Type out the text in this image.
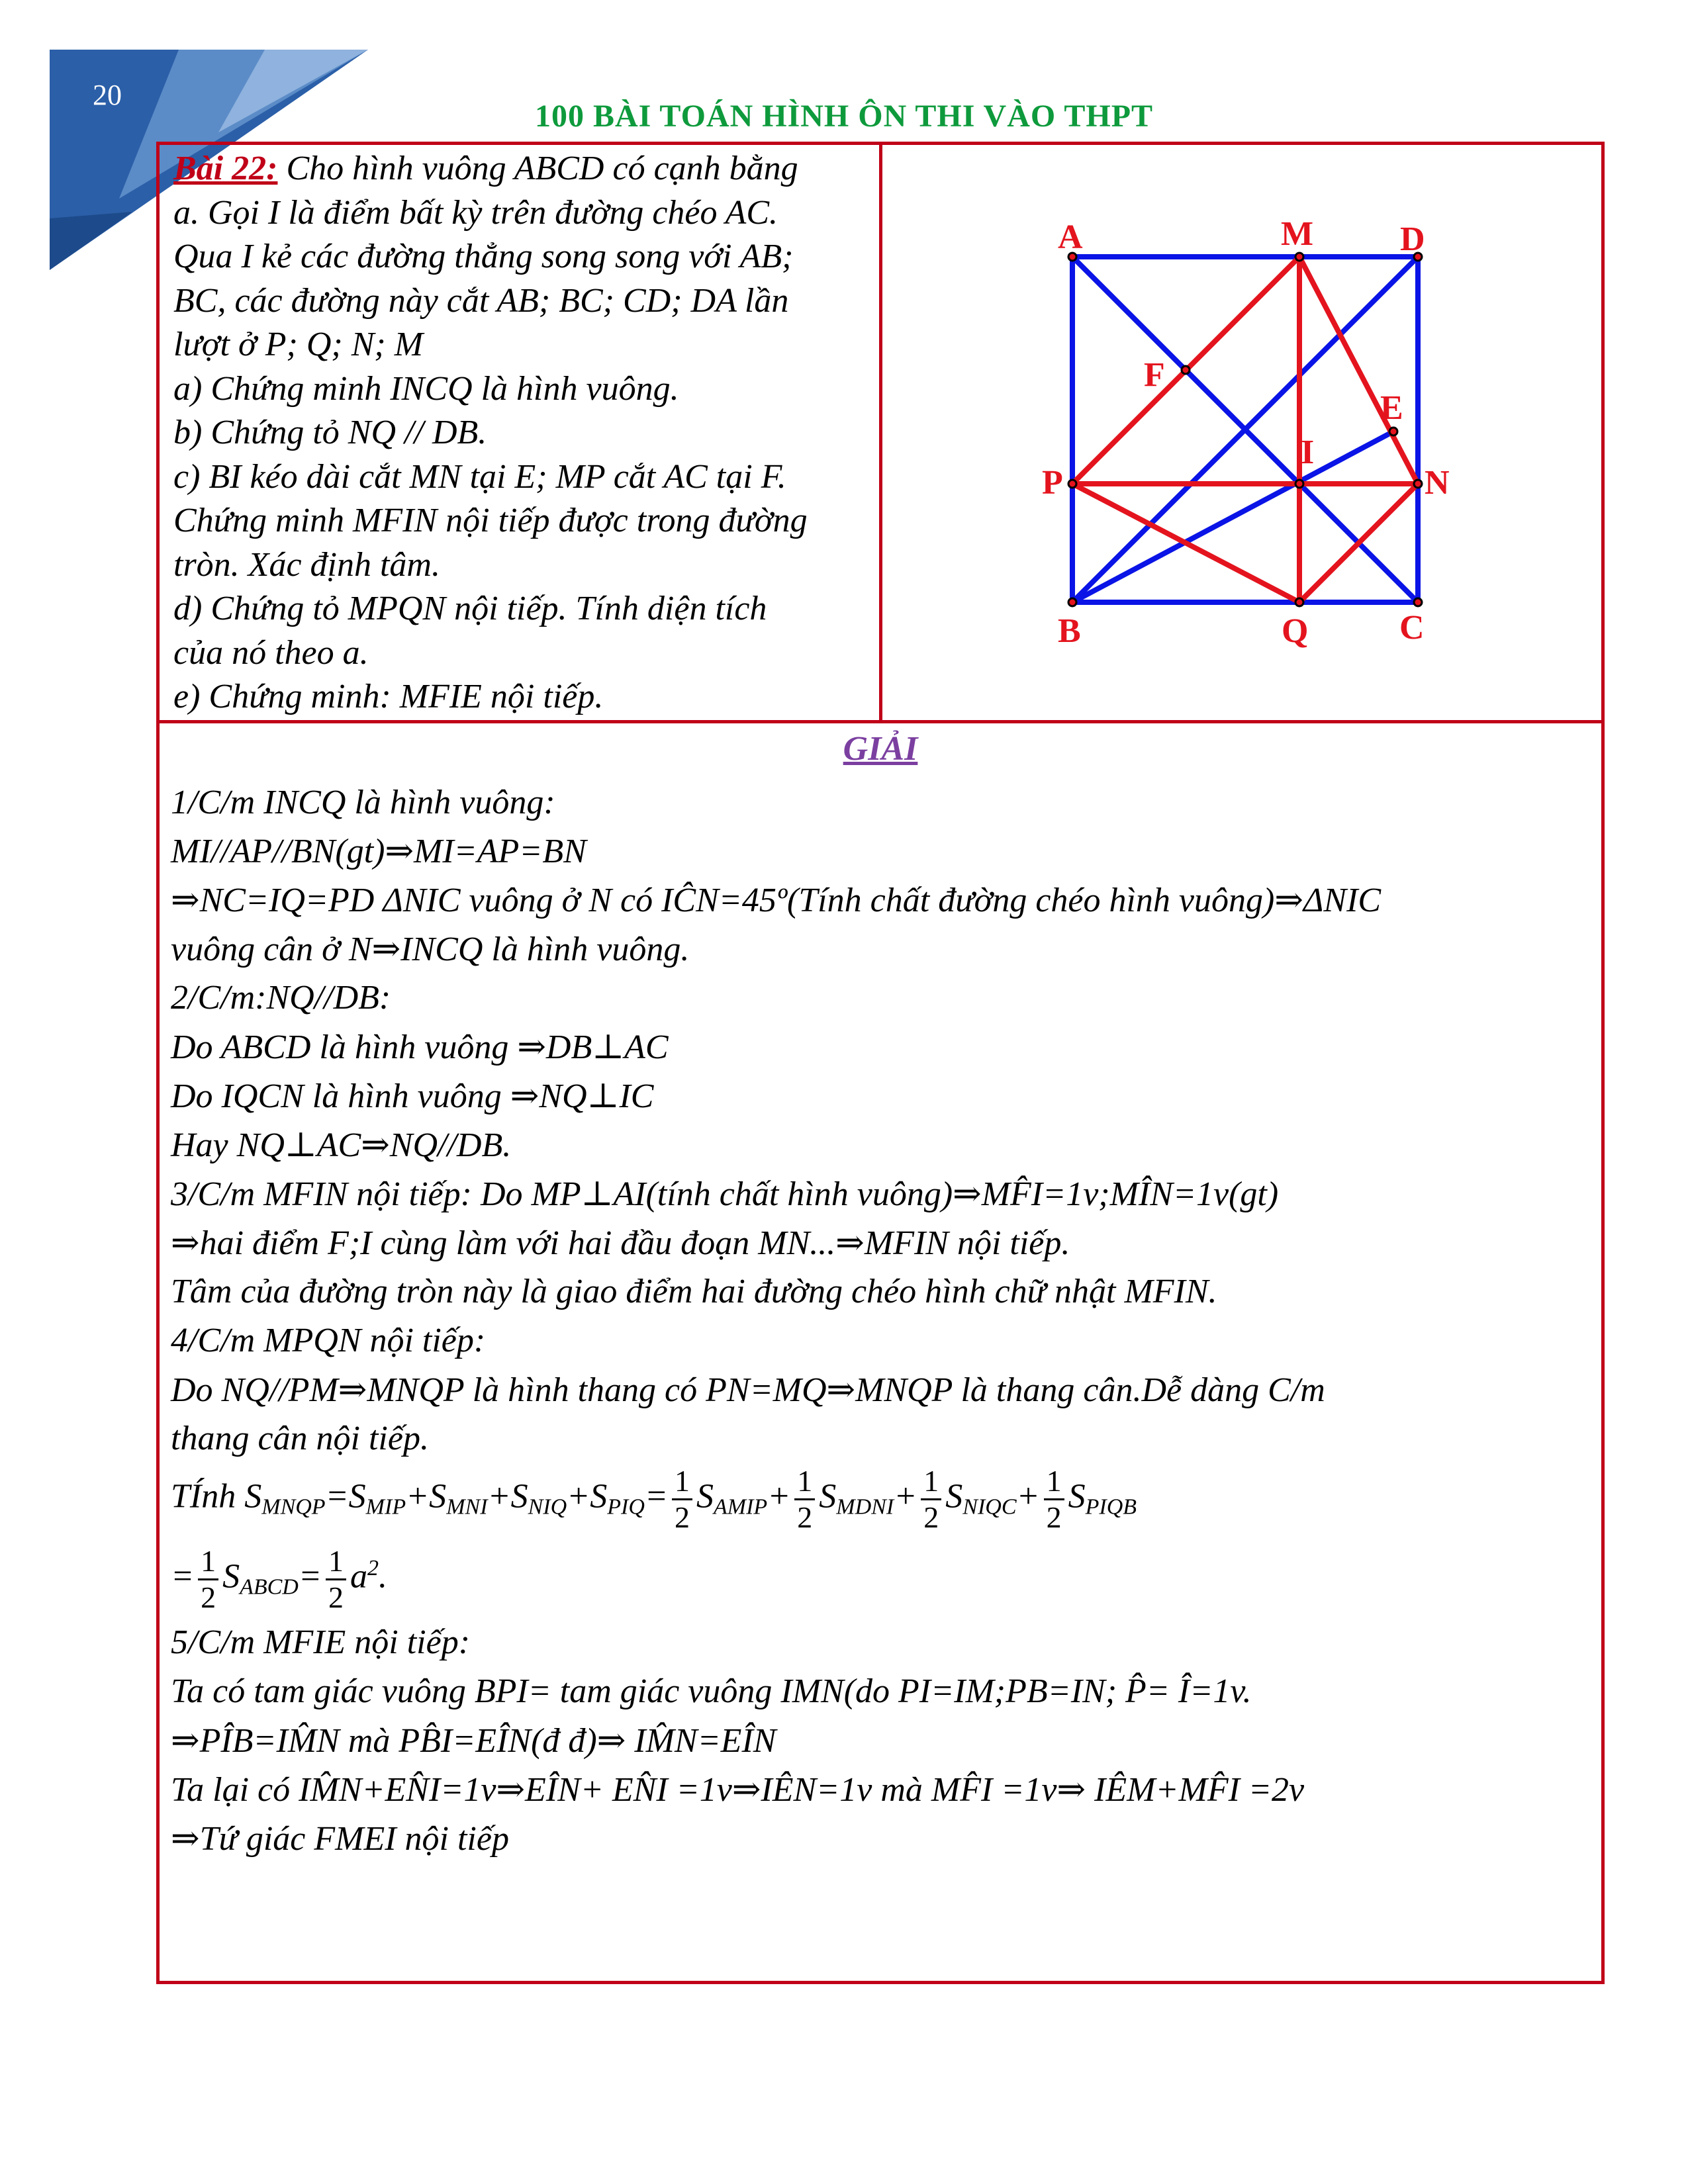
20
100 BÀI TOÁN HÌNH ÔN THI VÀO THPT

Bài 22: Cho hình vuông ABCD có cạnh bằng

a. Gọi I là điểm bất kỳ trên đường chéo AC.

Qua I kẻ các đường thẳng song song với AB;

BC, các đường này cắt AB; BC; CD; DA lần

lượt ở P; Q; N; M

a) Chứng minh INCQ là hình vuông.

b) Chứng tỏ NQ // DB.

c) BI kéo dài cắt MN tại E; MP cắt AC tại F.

Chứng minh MFIN nội tiếp được trong đường

tròn. Xác định tâm.

d) Chứng tỏ MPQN nội tiếp. Tính diện tích

của nó theo a.

e) Chứng minh: MFIE nội tiếp.

A	M	D
F
E
I
P	N
B	Q	C
GIẢI
1/C/m INCQ là hình vuông:
MI//AP//BN(gt)⇒MI=AP=BN
⇒NC=IQ=PD ΔNIC vuông ở N có IĈN=45º(Tính chất đường chéo hình vuông)⇒ΔNIC
vuông cân ở N⇒INCQ là hình vuông.
2/C/m:NQ//DB:
Do ABCD là hình vuông ⇒DB⊥AC
Do IQCN là hình vuông ⇒NQ⊥IC
Hay NQ⊥AC⇒NQ//DB.
3/C/m MFIN nội tiếp: Do MP⊥AI(tính chất hình vuông)⇒MF̂I=1v;MÎN=1v(gt)
⇒hai điểm F;I cùng làm với hai đầu đoạn MN...⇒MFIN nội tiếp.
Tâm của đường tròn này là giao điểm hai đường chéo hình chữ nhật MFIN.
4/C/m MPQN nội tiếp:
Do NQ//PM⇒MNQP là hình thang có PN=MQ⇒MNQP là thang cân.Dễ dàng C/m
thang cân nội tiếp.
TÍnh $S_{MNQP}=S_{MIP}+S_{MNI}+S_{NIQ}+S_{PIQ}= \frac{1}{2} S_{AMIP}+ \frac{1}{2} S_{MDNI}+ \frac{1}{2} S_{NIQC}+ \frac{1}{2} S_{PIQB}$
= $\frac{1}{2} S_{ABCD}= \frac{1}{2} a^2$.
5/C/m MFIE nội tiếp:
Ta có tam giác vuông BPI= tam giác vuông IMN(do PI=IM;PB=IN; P̂= Î=1v.
⇒PÎB=IM̂N mà PB̂I=EÎN(đ đ)⇒ IM̂N=EÎN
Ta lại có IM̂N+EN̂I=1v⇒EÎN+ EN̂I =1v⇒IÊN=1v mà MF̂I =1v⇒ IÊM+MF̂I =2v
⇒Tứ giác FMEI nội tiếp
